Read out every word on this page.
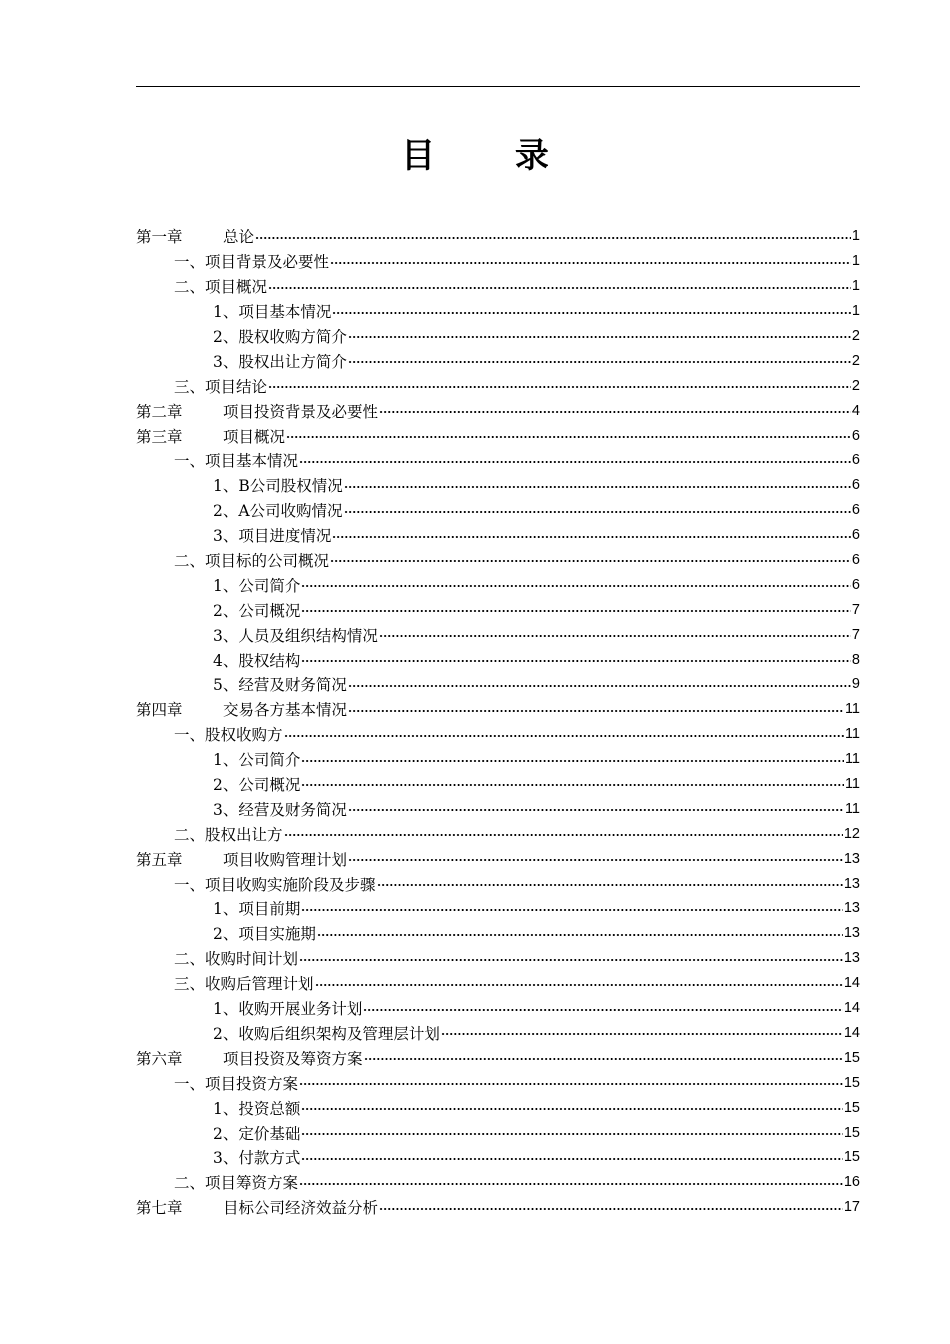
目 录
第一章	总论	1
一、项目背景及必要性	1
二、项目概况	1
1、项目基本情况	1
2、股权收购方简介	2
3、股权出让方简介	2
三、项目结论	2
第二章	项目投资背景及必要性	4
第三章	项目概况	6
一、项目基本情况	6
1、B公司股权情况	6
2、A公司收购情况	6
3、项目进度情况	6
二、项目标的公司概况	6
1、公司简介	6
2、公司概况	7
3、人员及组织结构情况	7
4、股权结构	8
5、经营及财务简况	9
第四章	交易各方基本情况	11
一、股权收购方	11
1、公司简介	11
2、公司概况	11
3、经营及财务简况	11
二、股权出让方	12
第五章	项目收购管理计划	13
一、项目收购实施阶段及步骤	13
1、项目前期	13
2、项目实施期	13
二、收购时间计划	13
三、收购后管理计划	14
1、收购开展业务计划	14
2、收购后组织架构及管理层计划	14
第六章	项目投资及筹资方案	15
一、项目投资方案	15
1、投资总额	15
2、定价基础	15
3、付款方式	15
二、项目筹资方案	16
第七章	目标公司经济效益分析	17
